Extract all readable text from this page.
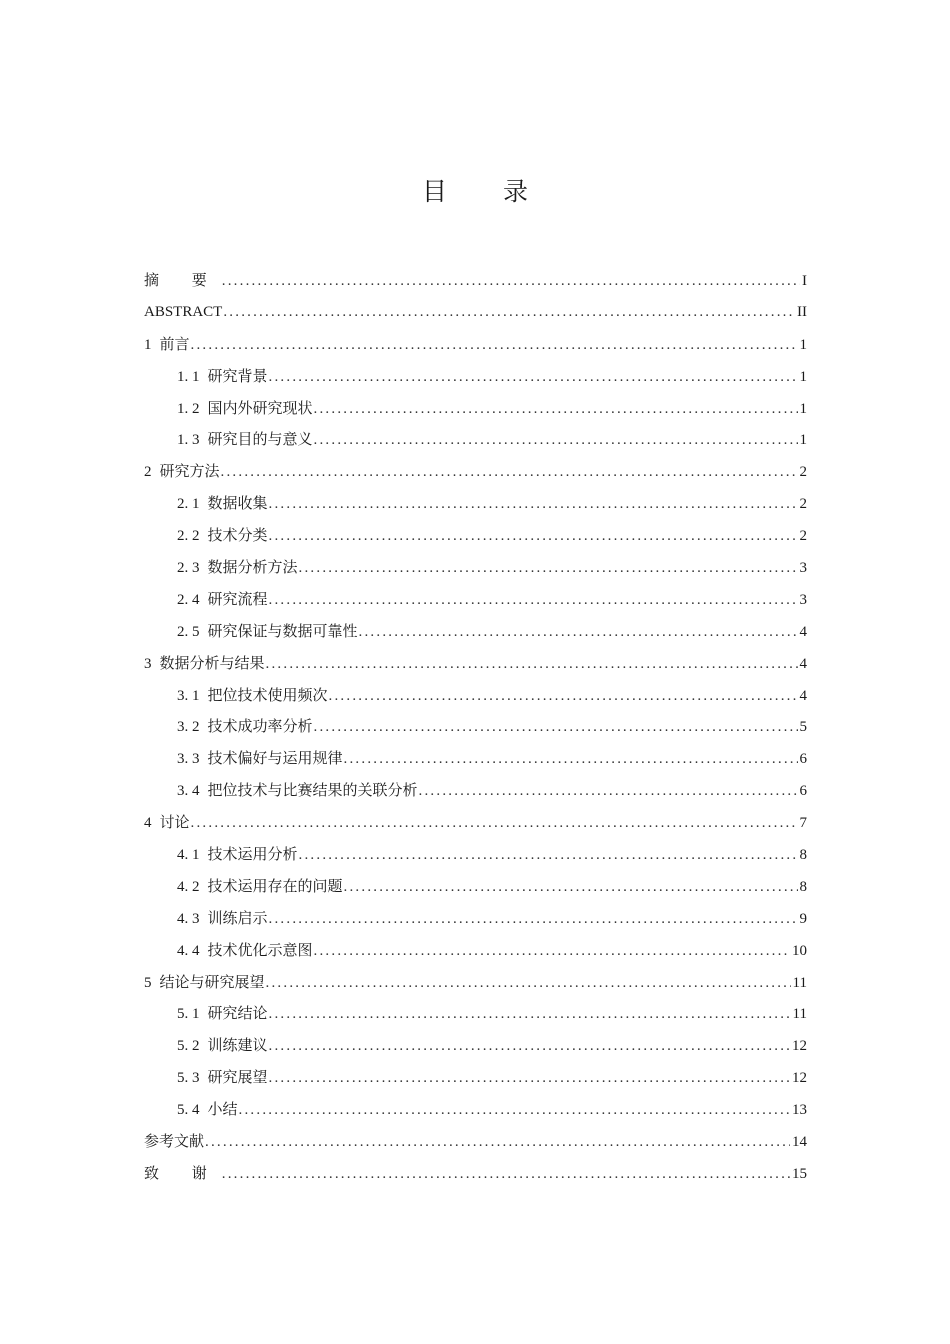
目 录
摘 要 .....	I
ABSTRACT .....	II
1 前言 .....	1
1. 1 研究背景 .....	1
1. 2 国内外研究现状 .....	1
1. 3 研究目的与意义 .....	1
2 研究方法 .....	2
2. 1 数据收集 .....	2
2. 2 技术分类 .....	2
2. 3 数据分析方法 .....	3
2. 4 研究流程 .....	3
2. 5 研究保证与数据可靠性 .....	4
3 数据分析与结果 .....	4
3. 1 把位技术使用频次 .....	4
3. 2 技术成功率分析 .....	5
3. 3 技术偏好与运用规律 .....	6
3. 4 把位技术与比赛结果的关联分析 .....	6
4 讨论 .....	7
4. 1 技术运用分析 .....	8
4. 2 技术运用存在的问题 .....	8
4. 3 训练启示 .....	9
4. 4 技术优化示意图 .....	10
5 结论与研究展望 .....	11
5. 1 研究结论 .....	11
5. 2 训练建议 .....	12
5. 3 研究展望 .....	12
5. 4 小结 .....	13
参考文献 .....	14
致 谢 .....	15
